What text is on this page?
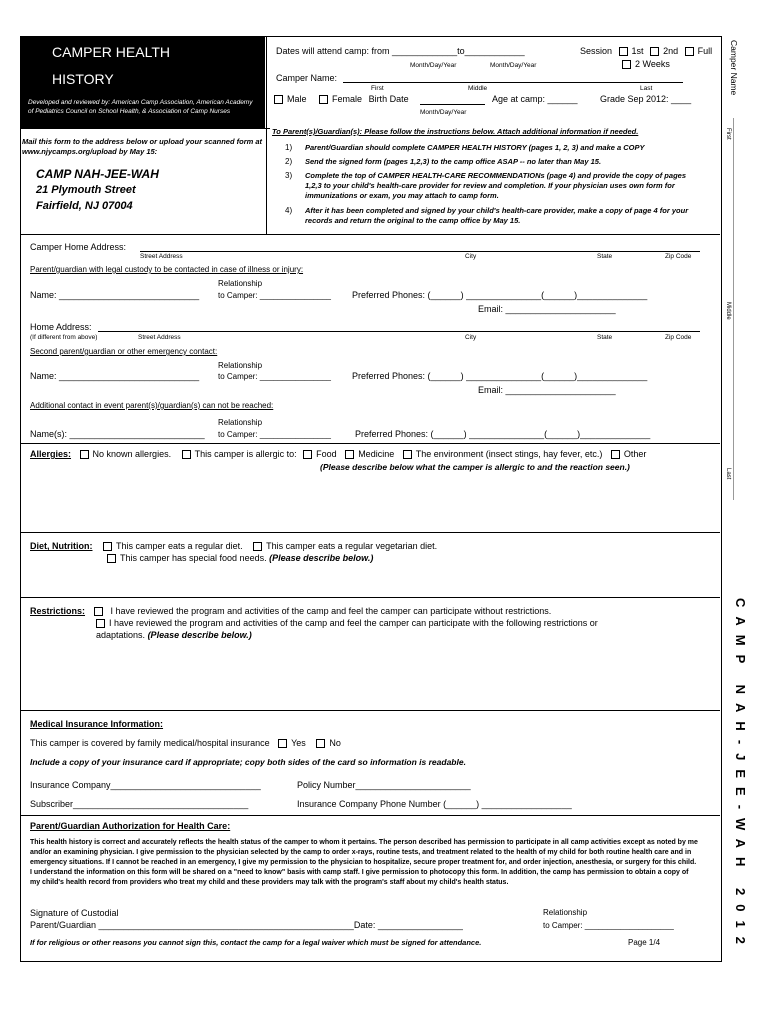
CAMPER HEALTH
HISTORY
Developed and reviewed by: American Camp Association, American Academy of Pediatrics Council on School Health, & Association of Camp Nurses
Mail this form to the address below or upload your scanned form at www.njycamps.org/upload by May 15:
CAMP NAH-JEE-WAH
21 Plymouth Street
Fairfield, NJ 07004
Dates will attend camp: from _____________to____________	Session 1st 2nd Full
2 Weeks
Month/Day/Year	Month/Day/Year
Camper Name:
First	Middle	Last
Male	Female Birth Date	Age at camp: ______ Grade Sep 2012: ____
Month/Day/Year
To Parent(s)/Guardian(s): Please follow the instructions below. Attach additional information if needed.
1) Parent/Guardian should complete CAMPER HEALTH HISTORY (pages 1, 2, 3) and make a COPY
2) Send the signed form (pages 1,2,3) to the camp office ASAP -- no later than May 15.
3) Complete the top of CAMPER HEALTH-CARE RECOMMENDATIONs (page 4) and provide the copy of pages 1,2,3 to your child's health-care provider for review and completion. If your physician uses own form for immunizations or exam, you may attach to camp form.
4) After it has been completed and signed by your child's health-care provider, make a copy of page 4 for your records and return the original to the camp office by May 15.
Camper Home Address:
Street Address	City	State	Zip Code
Parent/guardian with legal custody to be contacted in case of illness or injury:
Relationship
Name: ____________________________ to Camper: ________________ Preferred Phones: (______) _______________(______)______________
Email: ______________________
Home Address:
(If different from above)	Street Address	City	State	Zip Code
Second parent/guardian or other emergency contact:
Relationship
Name: ____________________________ to Camper: ________________ Preferred Phones: (______) _______________(______)______________
Email: ______________________
Additional contact in event parent(s)/guardian(s) can not be reached:
Relationship
Name(s): ___________________________ to Camper: ________________	Preferred Phones: (______) _______________(______)______________
Allergies: No known allergies.	This camper is allergic to: Food Medicine The environment (insect stings, hay fever, etc.) Other
(Please describe below what the camper is allergic to and the reaction seen.)
Diet, Nutrition:	This camper eats a regular diet.	This camper eats a regular vegetarian diet.
This camper has special food needs. (Please describe below.)
Restrictions:	I have reviewed the program and activities of the camp and feel the camper can participate without restrictions.
I have reviewed the program and activities of the camp and feel the camper can participate with the following restrictions or
adaptations. (Please describe below.)
Medical Insurance Information:
This camper is covered by family medical/hospital insurance Yes	No
Include a copy of your insurance card if appropriate; copy both sides of the card so information is readable.
Insurance Company______________________________	Policy Number_______________________
Subscriber___________________________________	Insurance Company Phone Number (______) __________________
Parent/Guardian Authorization for Health Care:
This health history is correct and accurately reflects the health status of the camper to whom it pertains. The person described has permission to participate in all camp activities except as noted by me and/or an examining physician. I give permission to the physician selected by the camp to order x-rays, routine tests, and treatment related to the health of my child for both routine health care and in emergency situations. If I cannot be reached in an emergency, I give my permission to the physician to hospitalize, secure proper treatment for, and order injection, anesthesia, or surgery for this child. I understand the information on this form will be shared on a "need to know" basis with camp staff. I give permission to photocopy this form. In addition, the camp has permission to obtain a copy of my child's health record from providers who treat my child and these providers may talk with the program's staff about my child's health status.
Signature of Custodial
Parent/Guardian ___________________________________________________Date: _________________
Relationship
to Camper: ____________________
If for religious or other reasons you cannot sign this, contact the camp for a legal waiver which must be signed for attendance.	Page 1/4
Camper Name
First
Middle
Last
CAMP NAH-JEE-WAH 2012
